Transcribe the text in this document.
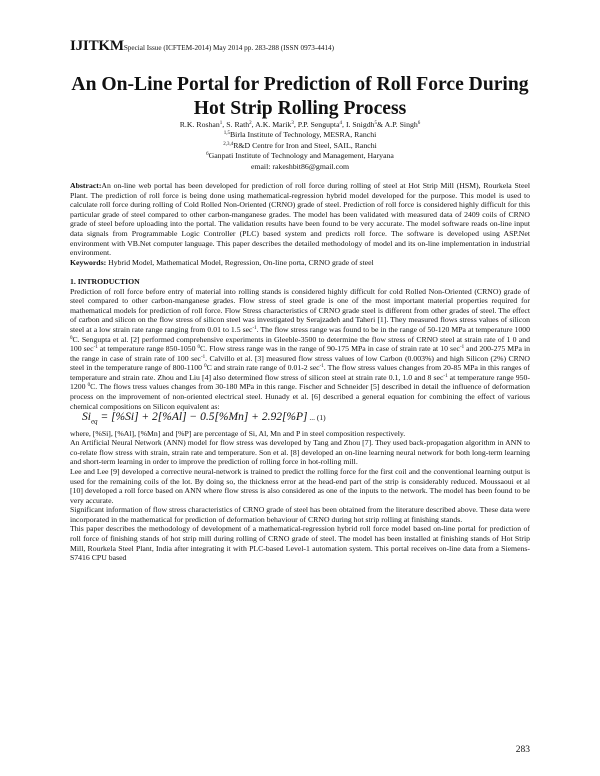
IJITKMSpecial Issue (ICFTEM-2014) May 2014 pp. 283-288 (ISSN 0973-4414)
An On-Line Portal for Prediction of Roll Force During
Hot Strip Rolling Process
R.K. Roshan$^1$, S. Rath$^2$, A.K. Marik$^3$, P.P. Sengupta$^4$, I. Snigdh$^5$& A.P. Singh$^6$
$^{1,5}$Birla Institute of Technology, MESRA, Ranchi
$^{2,3,4}$R&D Centre for Iron and Steel, SAIL, Ranchi
$^6$Ganpati Institute of Technology and Management, Haryana
email: rakeshbit86@gmail.com

Abstract:An on-line web portal has been developed for prediction of roll force during rolling of steel at Hot Strip Mill (HSM), Rourkela Steel Plant. The prediction of roll force is being done using mathematical-regression hybrid model developed for the purpose. This model is used to calculate roll force during rolling of Cold Rolled Non-Oriented (CRNO) grade of steel. Prediction of roll force is considered highly difficult for this particular grade of steel compared to other carbon-manganese grades. The model has been validated with measured data of 2409 coils of CRNO grade of steel before uploading into the portal. The validation results have been found to be very accurate. The model software reads on-line input data signals from Programmable Logic Controller (PLC) based system and predicts roll force. The software is developed using ASP.Net environment with VB.Net computer language. This paper describes the detailed methodology of model and its on-line implementation in industrial environment.

Keywords: Hybrid Model, Mathematical Model, Regression, On-line porta, CRNO grade of steel

1. INTRODUCTION

Prediction of roll force before entry of material into rolling stands is considered highly difficult for cold Rolled Non-Oriented (CRNO) grade of steel compared to other carbon-manganese grades. Flow stress of steel grade is one of the most important material properties required for mathematical models for prediction of roll force. Flow Stress characteristics of CRNO grade steel is different from other grades of steel. The effect of carbon and silicon on the flow stress of silicon steel was investigated by Serajzadeh and Taheri [1]. They measured flows stress values of silicon steel at a low strain rate range ranging from 0.01 to 1.5 $\sec^{-1}$. The flow stress range was found to be in the range of 50-120 MPa at temperature 1000 $^0$C. Sengupta et al. [2] performed comprehensive experiments in Gleeble-3500 to determine the flow stress of CRNO steel at strain rate of 1 0 and 100 $\sec^{-1}$ at temperature range 850-1050 $^0$C. Flow stress range was in the range of 90-175 MPa in case of strain rate at 10 $\sec^{-1}$ and 200-275 MPa in the range in case of strain rate of 100 $\sec^{-1}$. Calvillo et al. [3] measured flow stress values of low Carbon (0.003%) and high Silicon (2%) CRNO steel in the temperature range of 800-1100 $^0$C and strain rate range of 0.01-2 $\sec^{-1}$. The flow stress values changes from 20-85 MPa in this ranges of temperature and strain rate. Zhou and Liu [4] also determined flow stress of silicon steel at strain rate 0.1, 1.0 and 8 $\sec^{-1}$ at temperature range 950-1200 $^0$C. The flows tress values changes from 30-180 MPa in this range. Fischer and Schneider [5] described in detail the influence of deformation process on the improvement of non-oriented electrical steel. Hunady et al. [6] described a general equation for combining the effect of various chemical compositions on Silicon equivalent as:

$Si_{eq} = [\%Si] + 2[\%Al] - 0.5[\%Mn] + 2.92[\%P]$ ... (1)

where, [%Si], [%Al], [%Mn] and [%P] are percentage of Si, Al, Mn and P in steel composition respectively.

An Artificial Neural Network (ANN) model for flow stress was developed by Tang and Zhou [7]. They used back-propagation algorithm in ANN to co-relate flow stress with strain, strain rate and temperature. Son et al. [8] developed an on-line learning neural network for both long-term learning and short-term learning in order to improve the prediction of rolling force in hot-rolling mill.

Lee and Lee [9] developed a corrective neural-network is trained to predict the rolling force for the first coil and the conventional learning output is used for the remaining coils of the lot. By doing so, the thickness error at the head-end part of the strip is considerably reduced. Moussaoui et al [10] developed a roll force based on ANN where flow stress is also considered as one of the inputs to the network. The model has been found to be very accurate.

Significant information of flow stress characteristics of CRNO grade of steel has been obtained from the literature described above. These data were incorporated in the mathematical for prediction of deformation behaviour of CRNO during hot strip rolling at finishing stands.

This paper describes the methodology of development of a mathematical-regression hybrid roll force model based on-line portal for prediction of roll force of finishing stands of hot strip mill during rolling of CRNO grade of steel. The model has been installed at finishing stands of Hot Strip Mill, Rourkela Steel Plant, India after integrating it with PLC-based Level-1 automation system. This portal receives on-line data from a Siemens-S7416 CPU based

283
